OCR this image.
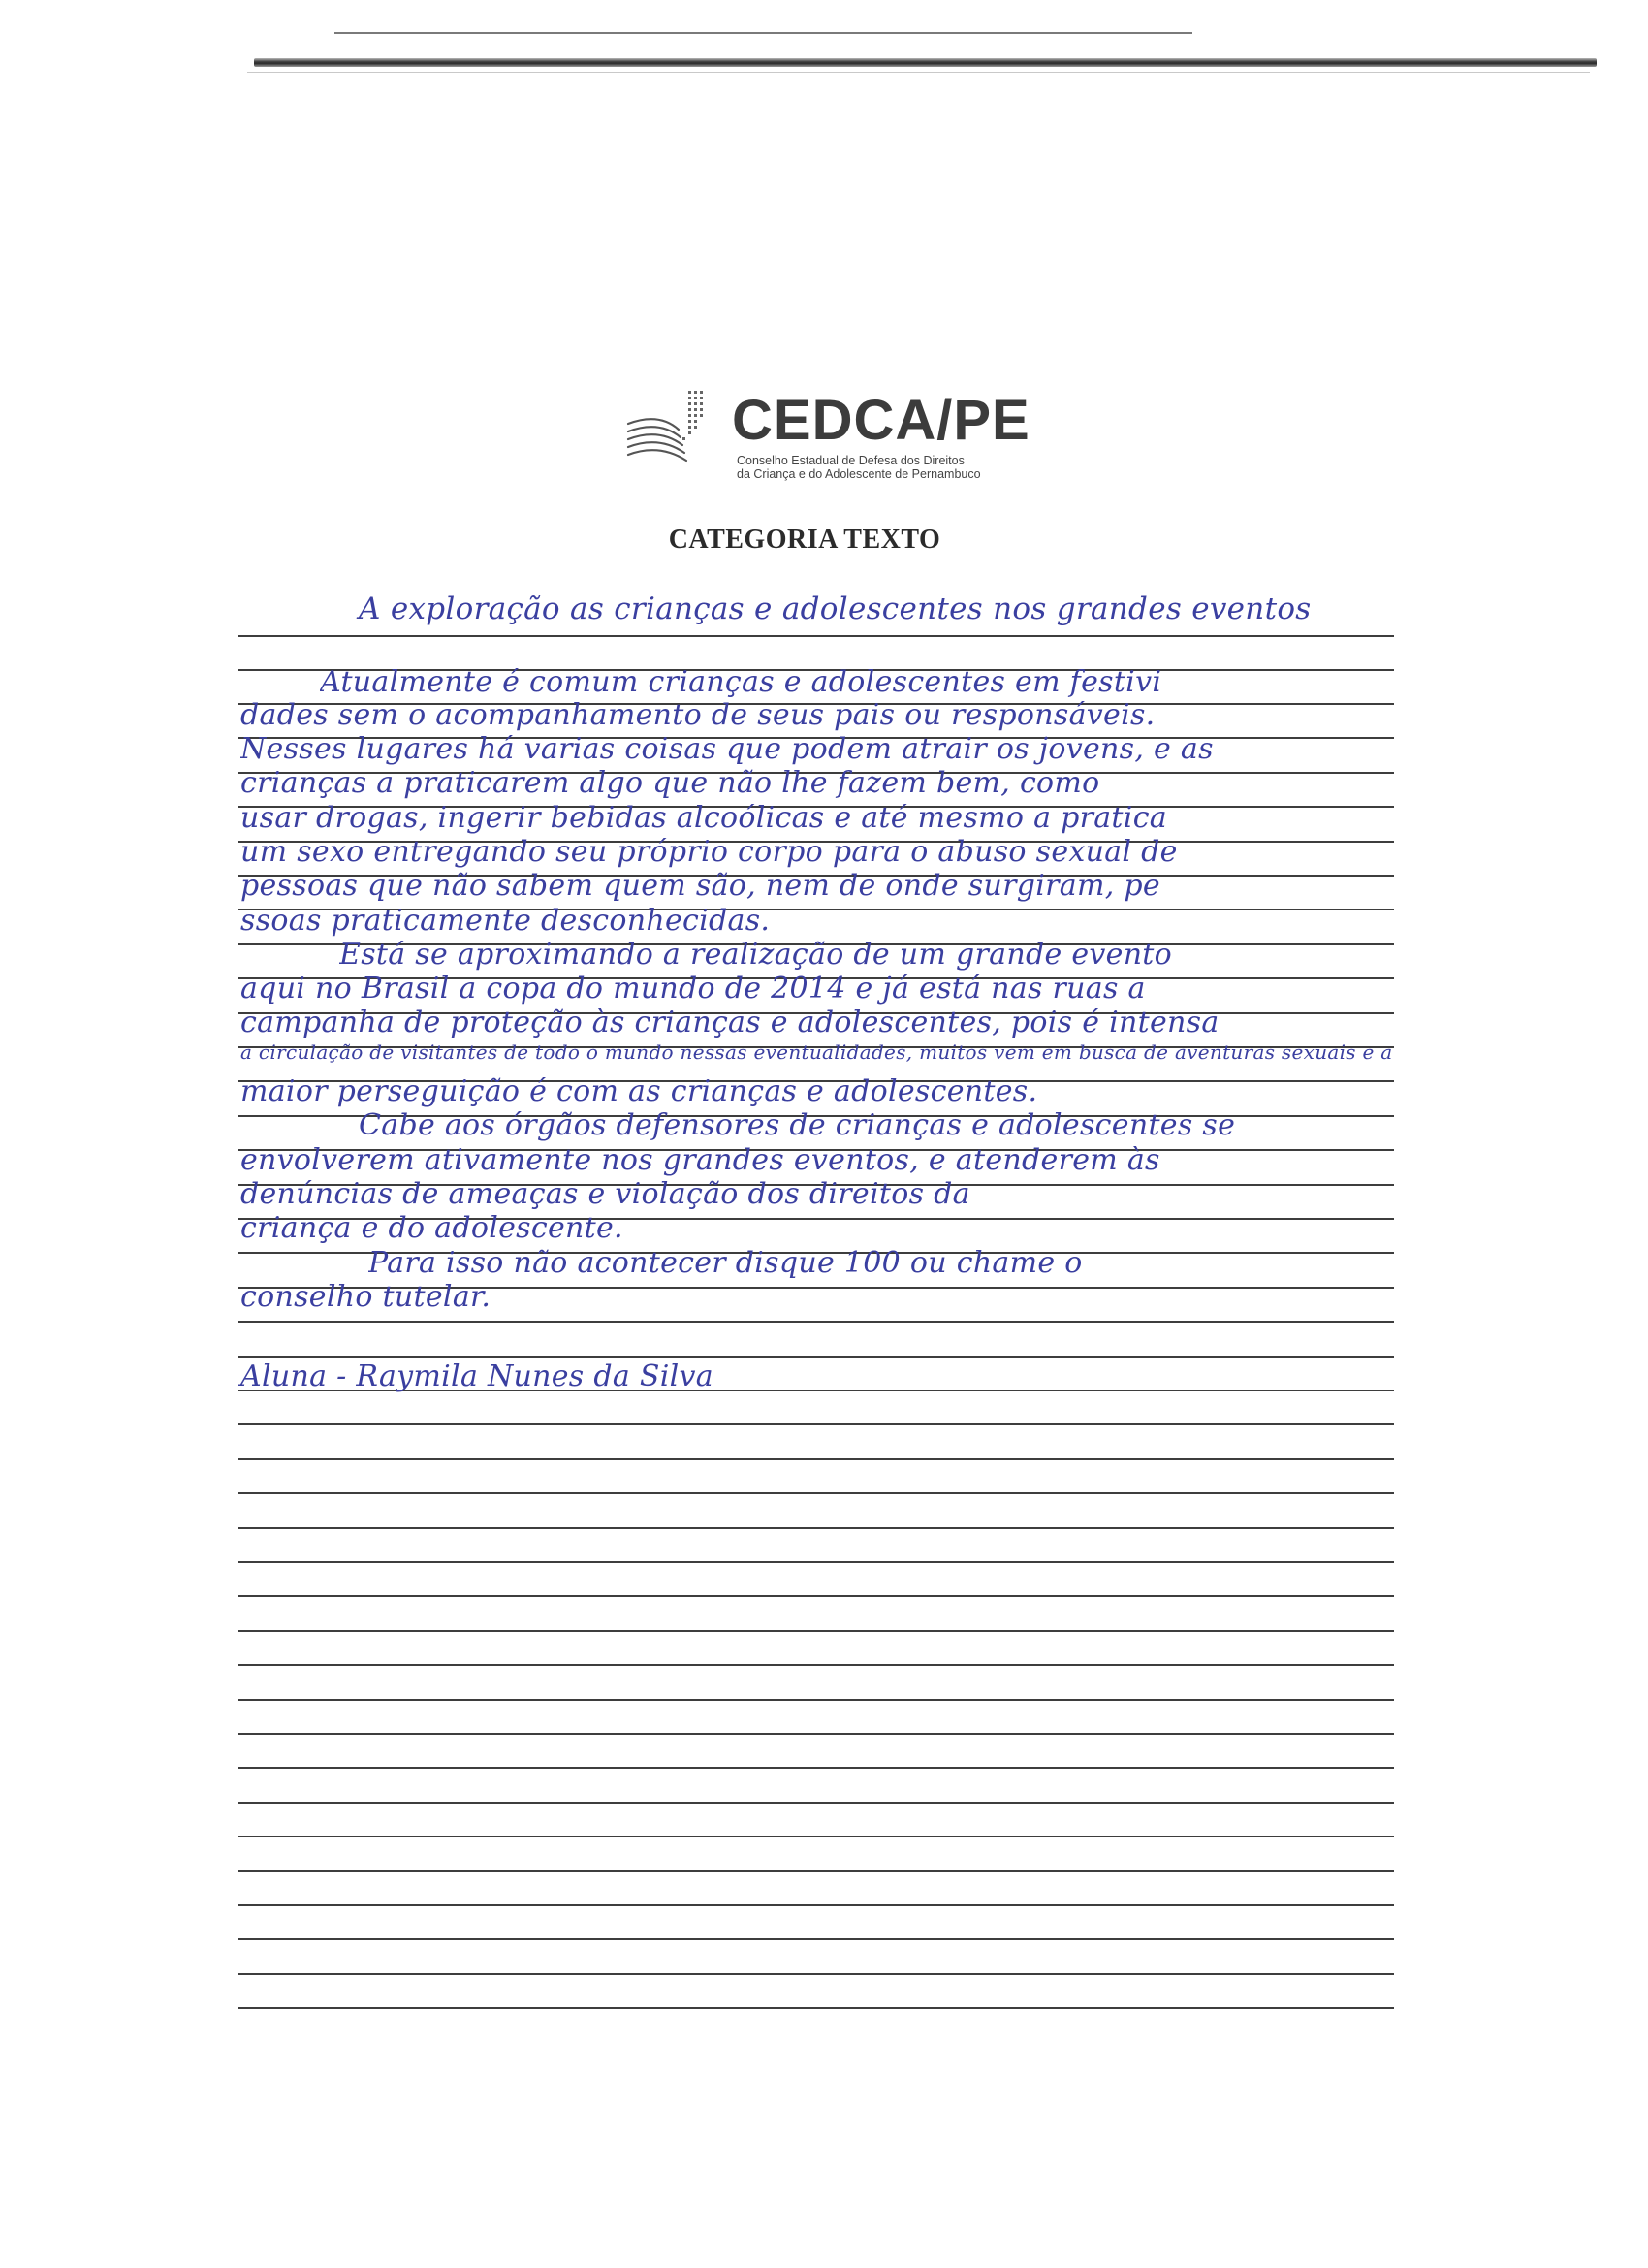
CEDCA/PE
Conselho Estadual de Defesa dos Direitos
da Criança e do Adolescente de Pernambuco
CATEGORIA TEXTO
A exploração as crianças e adolescentes nos grandes eventos
Atualmente é comum crianças e adolescentes em festivi
dades sem o acompanhamento de seus pais ou responsáveis.
Nesses lugares há varias coisas que podem atrair os jovens, e as
crianças a praticarem algo que não lhe fazem bem, como
usar drogas, ingerir bebidas alcoólicas e até mesmo a pratica
um sexo entregando seu próprio corpo para o abuso sexual de
pessoas que não sabem quem são, nem de onde surgiram, pe
ssoas praticamente desconhecidas.
Está se aproximando a realização de um grande evento
aqui no Brasil a copa do mundo de 2014 e já está nas ruas a
campanha de proteção às crianças e adolescentes, pois é intensa
a circulação de visitantes de todo o mundo nessas eventualidades, muitos vem em busca de aventuras sexuais e a
maior perseguição é com as crianças e adolescentes.
Cabe aos órgãos defensores de crianças e adolescentes se
envolverem ativamente nos grandes eventos, e atenderem às
denúncias de ameaças e violação dos direitos da
criança e do adolescente.
Para isso não acontecer disque 100 ou chame o
conselho tutelar.
Aluna - Raymila Nunes da Silva
